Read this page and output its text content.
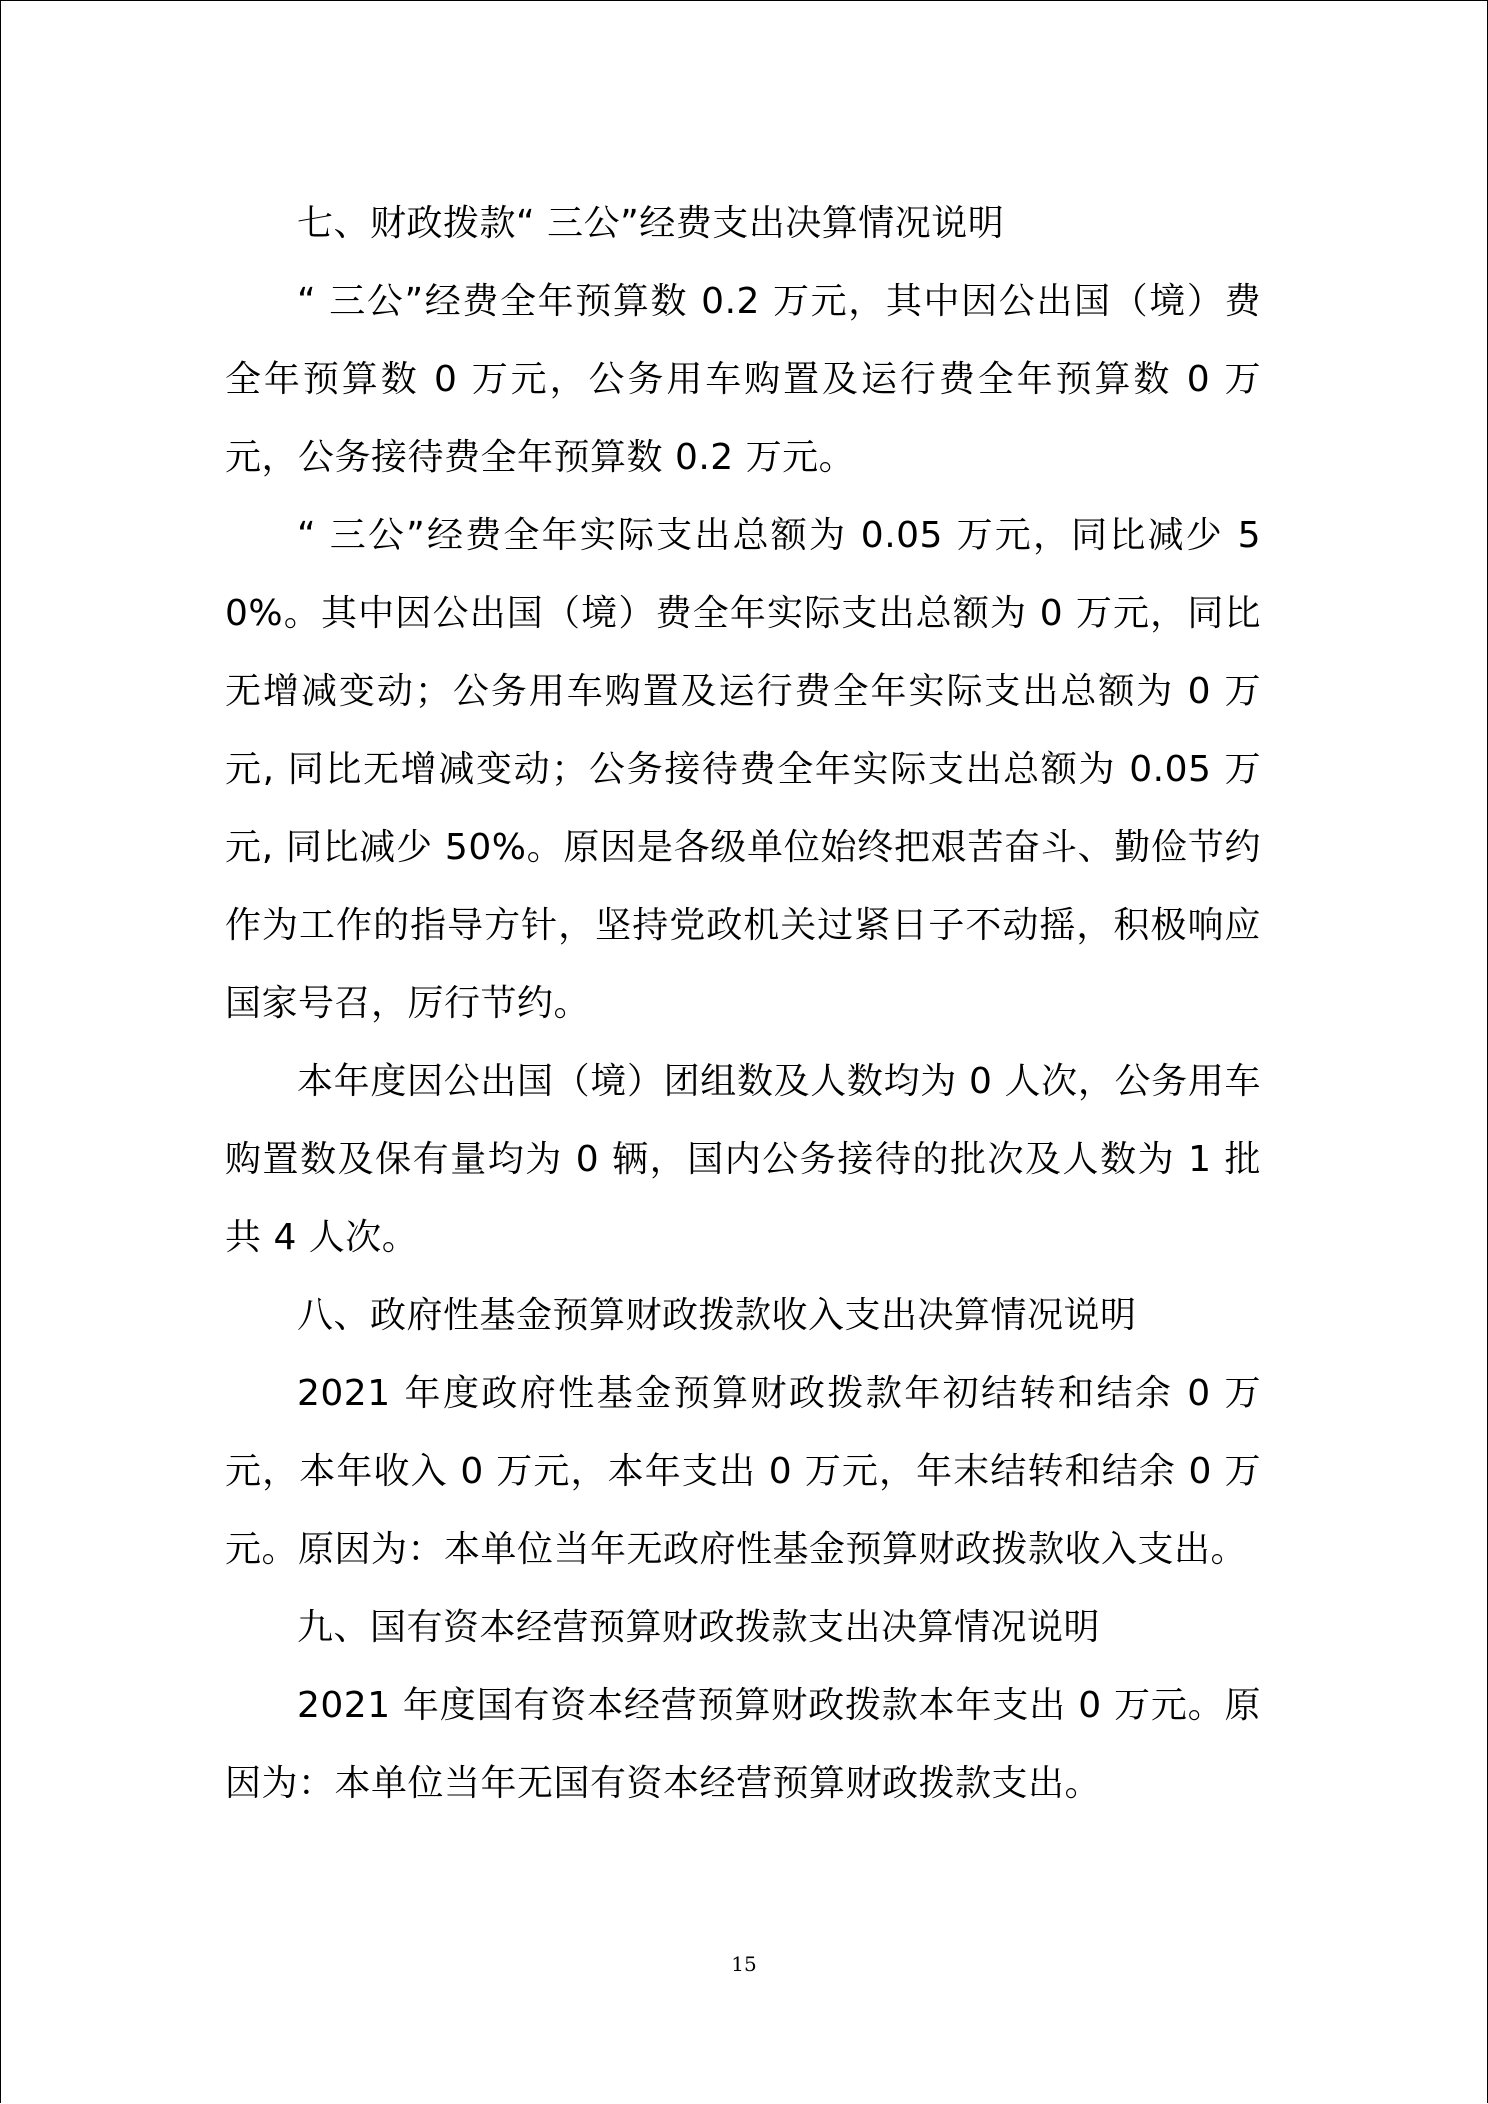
七、财政拨款“ 三公”经费支出决算情况说明

“ 三公”经费全年预算数 0.2 万元，其中因公出国（境）费全年预算数 0 万元，公务用车购置及运行费全年预算数 0 万元，公务接待费全年预算数 0.2 万元。

“ 三公”经费全年实际支出总额为 0.05 万元，同比减少 50%。其中因公出国（境）费全年实际支出总额为 0 万元，同比无增减变动；公务用车购置及运行费全年实际支出总额为 0 万元, 同比无增减变动；公务接待费全年实际支出总额为 0.05 万元, 同比减少 50%。原因是各级单位始终把艰苦奋斗、勤俭节约作为工作的指导方针，坚持党政机关过紧日子不动摇，积极响应国家号召，厉行节约。

本年度因公出国（境）团组数及人数均为 0 人次，公务用车购置数及保有量均为 0 辆，国内公务接待的批次及人数为 1 批共 4 人次。

八、政府性基金预算财政拨款收入支出决算情况说明

2021 年度政府性基金预算财政拨款年初结转和结余 0 万元，本年收入 0 万元，本年支出 0 万元，年末结转和结余 0 万元。原因为：本单位当年无政府性基金预算财政拨款收入支出。

九、国有资本经营预算财政拨款支出决算情况说明

2021 年度国有资本经营预算财政拨款本年支出 0 万元。原因为：本单位当年无国有资本经营预算财政拨款支出。

15
